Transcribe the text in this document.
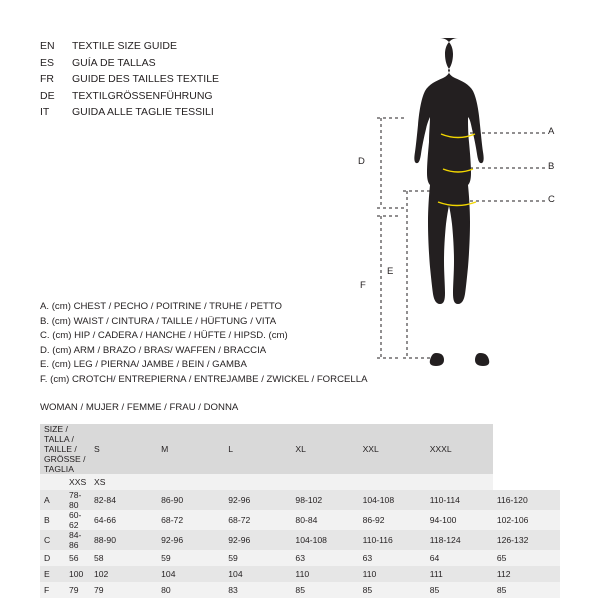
EN	TEXTILE SIZE GUIDE
ES	GUÍA DE TALLAS
FR	GUIDE DES TAILLES TEXTILE
DE	TEXTILGRÖSSENFÜHRUNG
IT	GUIDA ALLE TAGLIE TESSILI
A. (cm) CHEST / PECHO / POITRINE / TRUHE / PETTO
B. (cm) WAIST / CINTURA / TAILLE / HÜFTUNG / VITA
C. (cm) HIP / CADERA / HANCHE / HÜFTE / HIPSD. (cm)
D. (cm) ARM / BRAZO / BRAS/ WAFFEN / BRACCIA
E. (cm) LEG / PIERNA/ JAMBE / BEIN / GAMBA
F. (cm) CROTCH/ ENTREPIERNA / ENTREJAMBE / ZWICKEL / FORCELLA
WOMAN / MUJER / FEMME / FRAU / DONNA
A
B
C
D
E
F
SIZE / TALLA / TAILLE / GRÖSSE / TAGLIA		S	M	L	XL	XXL	XXXL	
	XXS	XS						
A	78-80	82-84	86-90	92-96	98-102	104-108	110-114	116-120
B	60-62	64-66	68-72	68-72	80-84	86-92	94-100	102-106
C	84-86	88-90	92-96	92-96	104-108	110-116	118-124	126-132
D	56	58	59	59	63	63	64	65
E	100	102	104	104	110	110	111	112
F	79	79	80	83	85	85	85	85
